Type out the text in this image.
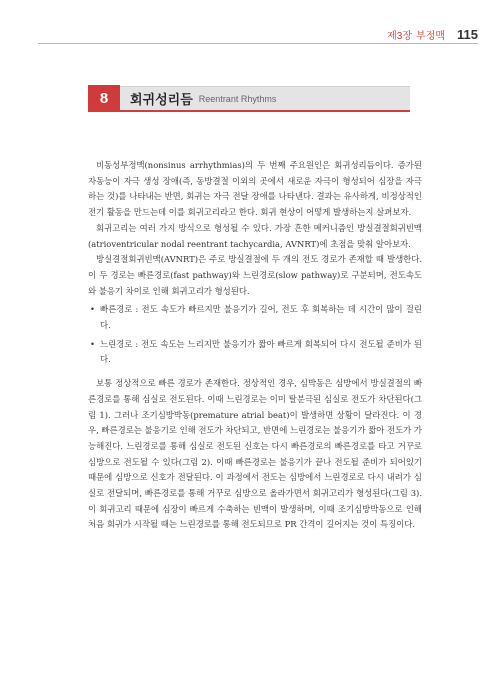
제3장 부정맥 115
8	회귀성리듬 Reentrant Rhythms

비동성부정맥(nonsinus arrhythmias)의 두 번째 주요원인은 회귀성리듬이다. 증가된 자동능이 자극 생성 장애(즉, 동방결절 이외의 곳에서 새로운 자극이 형성되어 심장을 자극하는 것)를 나타내는 반면, 회귀는 자극 전달 장애를 나타낸다. 결과는 유사하게, 비정상적인 전기 활동을 만드는데 이를 회귀고리라고 한다. 회귀 현상이 어떻게 발생하는지 살펴보자.

회귀고리는 여러 가지 방식으로 형성될 수 있다. 가장 흔한 메커니즘인 방실결절회귀빈맥(atrioventricular nodal reentrant tachycardia, AVNRT)에 초점을 맞춰 알아보자.

방실결절회귀빈맥(AVNRT)은 주로 방실결절에 두 개의 전도 경로가 존재할 때 발생한다. 이 두 경로는 빠른경로(fast pathway)와 느린경로(slow pathway)로 구분되며, 전도속도와 불응기 차이로 인해 회귀고리가 형성된다.

• 빠른경로 : 전도 속도가 빠르지만 불응기가 길어, 전도 후 회복하는 데 시간이 많이 걸린다.
• 느린경로 : 전도 속도는 느리지만 불응기가 짧아 빠르게 회복되어 다시 전도될 준비가 된다.

보통 정상적으로 빠른 경로가 존재한다. 정상적인 경우, 심박동은 심방에서 방실결절의 빠른경로를 통해 심실로 전도된다. 이때 느린경로는 이미 탈분극된 심실로 전도가 차단된다(그림 1). 그러나 조기심방박동(premature atrial beat)이 발생하면 상황이 달라진다. 이 경우, 빠른경로는 불응기로 인해 전도가 차단되고, 반면에 느린경로는 불응기가 짧아 전도가 가능해진다. 느린경로를 통해 심실로 전도된 신호는 다시 빠른경로의 빠른경로를 타고 거꾸로 심방으로 전도될 수 있다(그림 2). 이때 빠른경로는 불응기가 끝나 전도될 준비가 되어있기 때문에 심방으로 신호가 전달된다. 이 과정에서 전도는 심방에서 느린경로로 다시 내려가 심실로 전달되며, 빠른경로를 통해 거꾸로 심방으로 올라가면서 회귀고리가 형성된다(그림 3). 이 회귀고리 때문에 심장이 빠르게 수축하는 빈맥이 발생하며, 이때 조기심방박동으로 인해 처음 회귀가 시작될 때는 느린경로를 통해 전도되므로 PR 간격이 길어지는 것이 특징이다.
